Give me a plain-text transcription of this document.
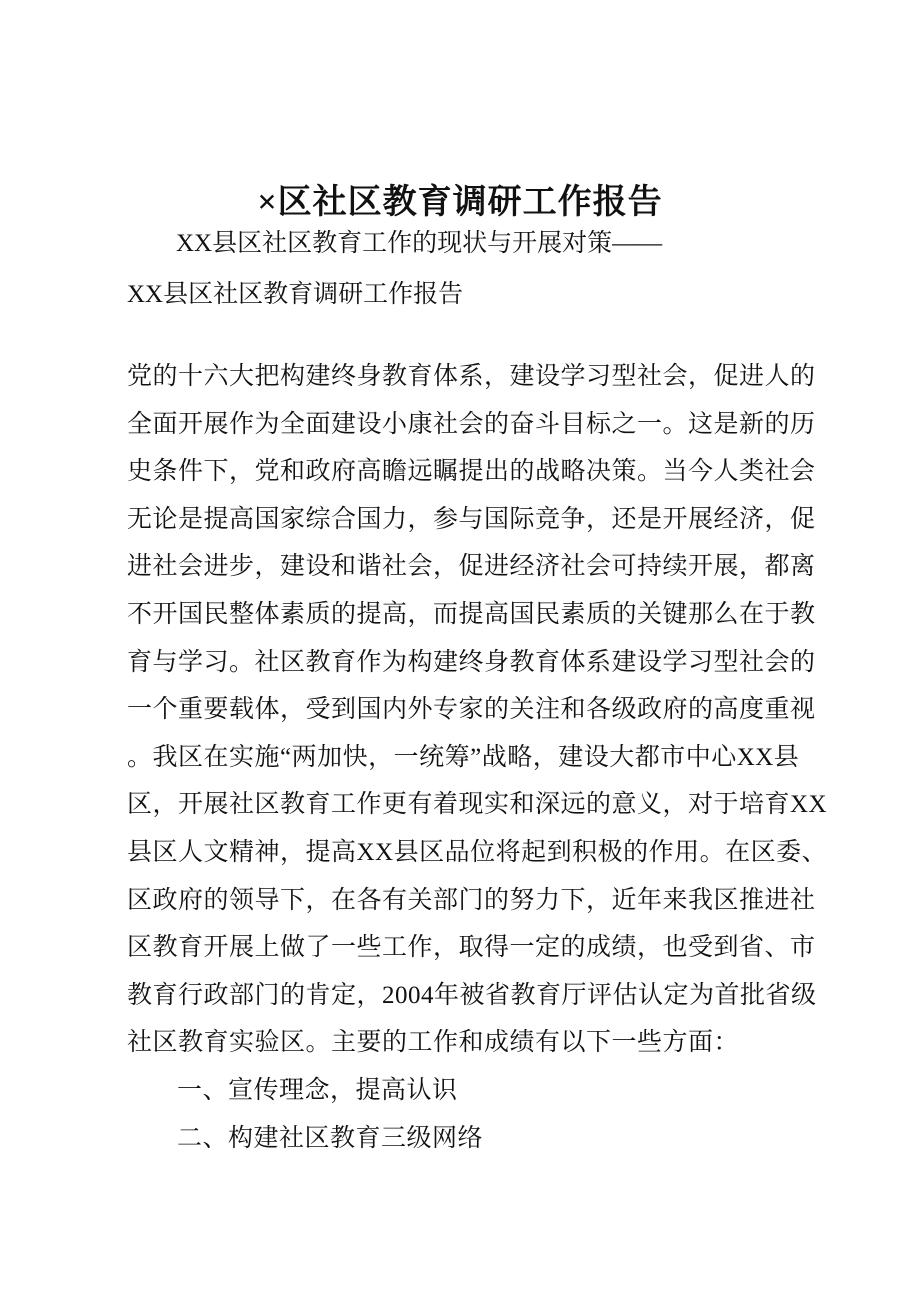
×区社区教育调研工作报告
XX县区社区教育工作的现状与开展对策——
XX县区社区教育调研工作报告
党的十六大把构建终身教育体系，建设学习型社会，促进人的
全面开展作为全面建设小康社会的奋斗目标之一。这是新的历
史条件下，党和政府高瞻远瞩提出的战略决策。当今人类社会
无论是提高国家综合国力，参与国际竞争，还是开展经济，促
进社会进步，建设和谐社会，促进经济社会可持续开展，都离
不开国民整体素质的提高，而提高国民素质的关键那么在于教
育与学习。社区教育作为构建终身教育体系建设学习型社会的
一个重要载体，受到国内外专家的关注和各级政府的高度重视
。我区在实施“两加快，一统筹”战略，建设大都市中心XX县
区，开展社区教育工作更有着现实和深远的意义，对于培育XX
县区人文精神，提高XX县区品位将起到积极的作用。在区委、
区政府的领导下，在各有关部门的努力下，近年来我区推进社
区教育开展上做了一些工作，取得一定的成绩，也受到省、市
教育行政部门的肯定，2004年被省教育厅评估认定为首批省级
社区教育实验区。主要的工作和成绩有以下一些方面：
一、宣传理念，提高认识
二、构建社区教育三级网络
